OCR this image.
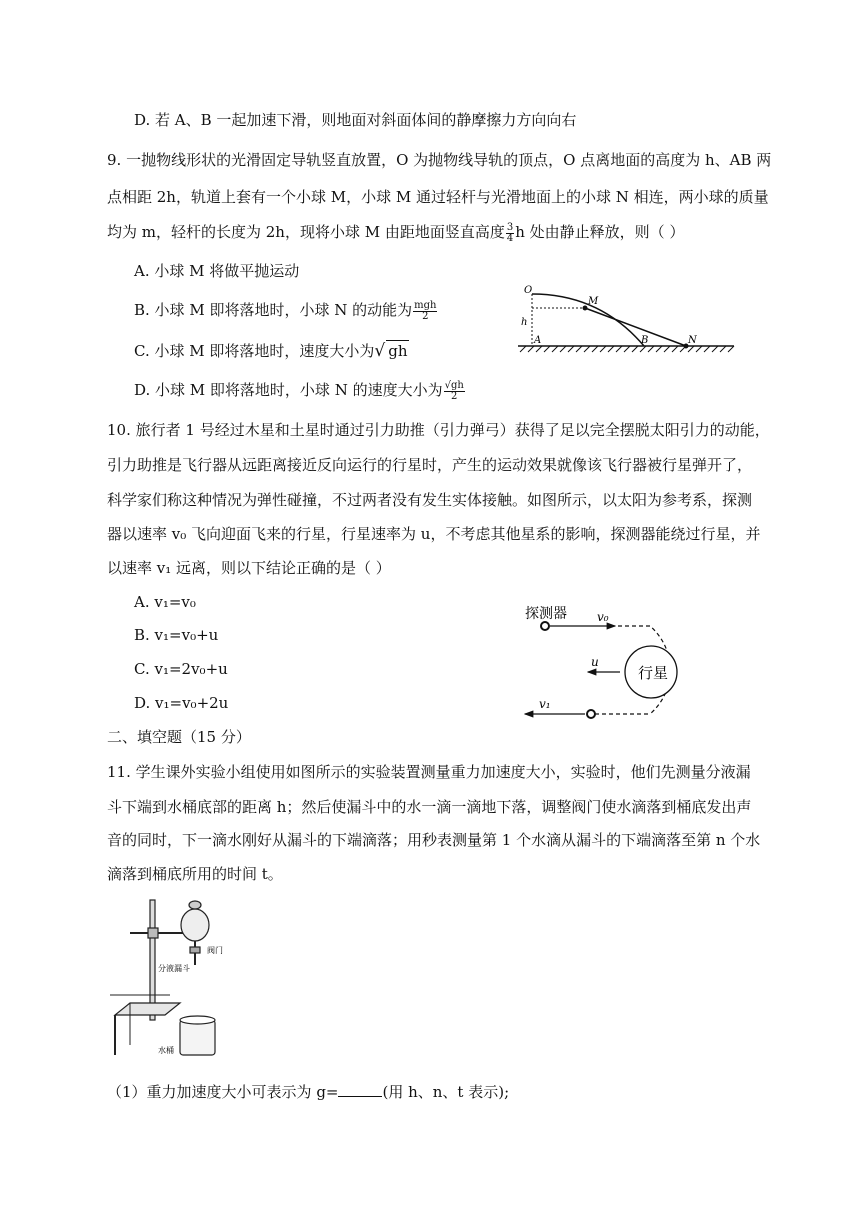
D. 若 A、B 一起加速下滑，则地面对斜面体间的静摩擦力方向向右
9. 一抛物线形状的光滑固定导轨竖直放置，O 为抛物线导轨的顶点，O 点离地面的高度为 h、AB 两
点相距 2h，轨道上套有一个小球 M，小球 M 通过轻杆与光滑地面上的小球 N 相连，两小球的质量
均为 m，轻杆的长度为 2h，现将小球 M 由距地面竖直高度 $\frac{3}{4}$ h 处由静止释放，则（ ）
A. 小球 M 将做平抛运动
B. 小球 M 即将落地时，小球 N 的动能为 $\frac{\text{mgh}}{2}$
C. 小球 M 即将落地时，速度大小为√ gh
D. 小球 M 即将落地时，小球 N 的速度大小为 $\frac{√gh}{2}$
O
M
h
A	B	N
10. 旅行者 1 号经过木星和土星时通过引力助推（引力弹弓）获得了足以完全摆脱太阳引力的动能，
引力助推是飞行器从远距离接近反向运行的行星时，产生的运动效果就像该飞行器被行星弹开了，
科学家们称这种情况为弹性碰撞，不过两者没有发生实体接触。如图所示，以太阳为参考系，探测
器以速率 v₀ 飞向迎面飞来的行星，行星速率为 u，不考虑其他星系的影响，探测器能绕过行星，并
以速率 v₁ 远离，则以下结论正确的是（ ）
A. v₁=v₀
B. v₁=v₀+u
C. v₁=2v₀+u
D. v₁=v₀+2u
探测器	v₀
行星
u
v₁
二、填空题（15 分）
11. 学生课外实验小组使用如图所示的实验装置测量重力加速度大小，实验时，他们先测量分液漏
斗下端到水桶底部的距离 h；然后使漏斗中的水一滴一滴地下落，调整阀门使水滴落到桶底发出声
音的同时，下一滴水刚好从漏斗的下端滴落；用秒表测量第 1 个水滴从漏斗的下端滴落至第 n 个水
滴落到桶底所用的时间 t。
阀门
分液漏斗
水桶
（1）重力加速度大小可表示为 g=	(用 h、n、t 表示);
